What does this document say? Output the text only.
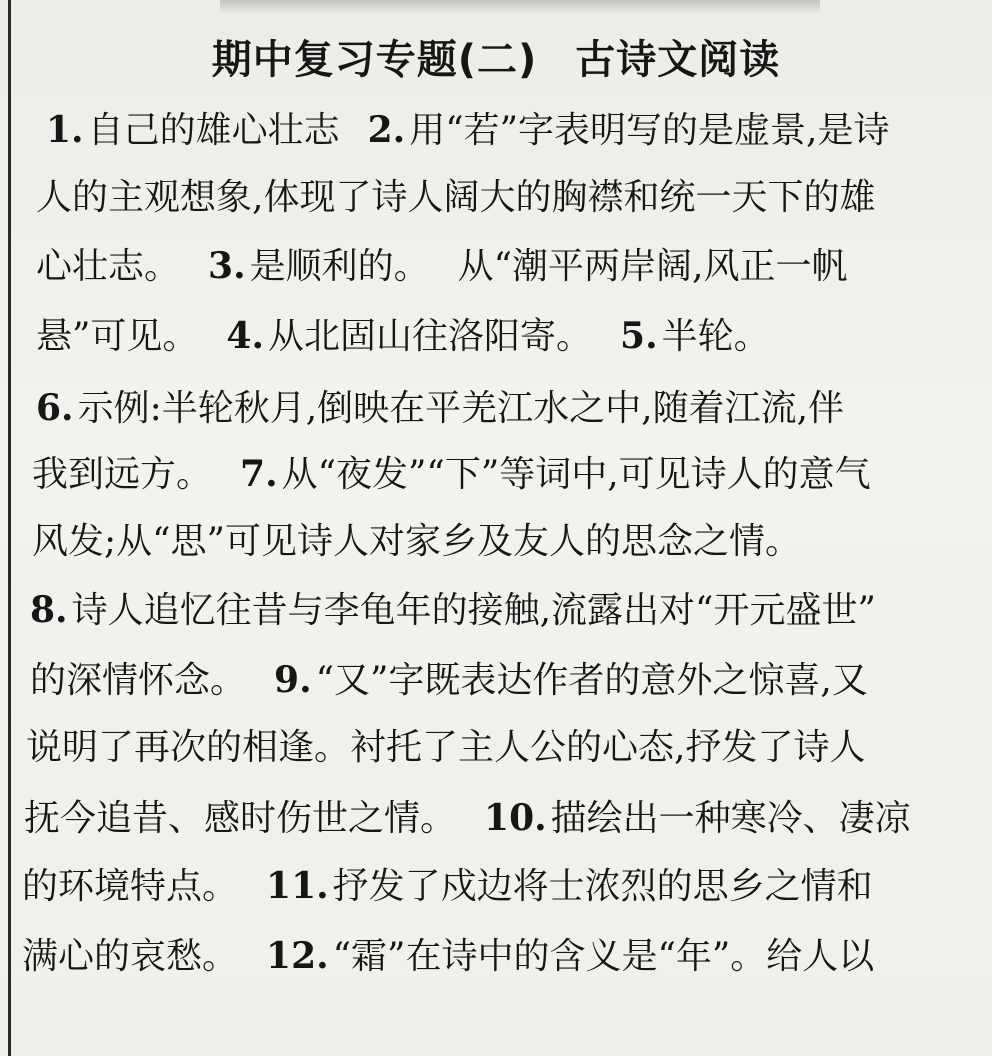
期中复习专题(二) 古诗文阅读
1. 自己的雄心壮志 2. 用“若”字表明写的是虚景,是诗
人的主观想象,体现了诗人阔大的胸襟和统一天下的雄
心壮志。 3. 是顺利的。 从“潮平两岸阔,风正一帆
悬”可见。 4. 从北固山往洛阳寄。 5. 半轮。
6. 示例:半轮秋月,倒映在平羌江水之中,随着江流,伴
我到远方。 7. 从“夜发”“下”等词中,可见诗人的意气
风发;从“思”可见诗人对家乡及友人的思念之情。
8. 诗人追忆往昔与李龟年的接触,流露出对“开元盛世”
的深情怀念。 9. “又”字既表达作者的意外之惊喜,又
说明了再次的相逢。衬托了主人公的心态,抒发了诗人
抚今追昔、感时伤世之情。 10. 描绘出一种寒冷、凄凉
的环境特点。 11. 抒发了戍边将士浓烈的思乡之情和
满心的哀愁。 12. “霜”在诗中的含义是“年”。给人以
